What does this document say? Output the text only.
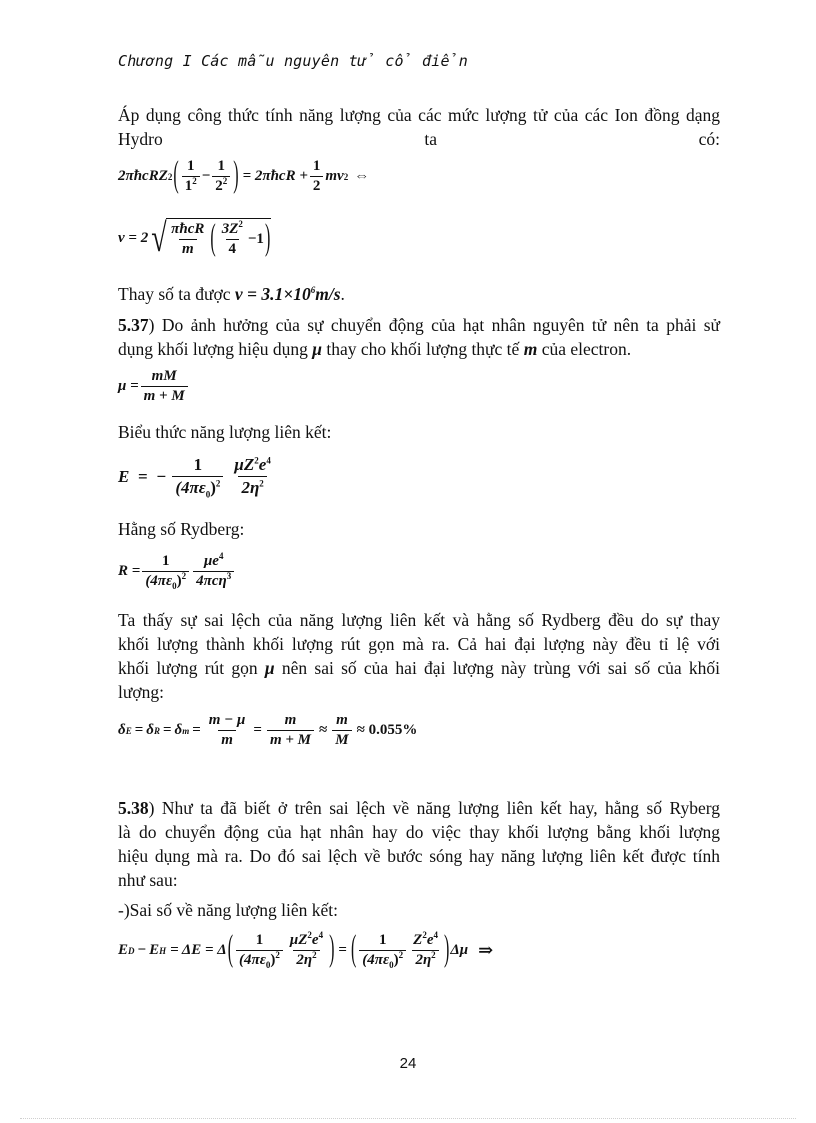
Chương I Các mẫu nguyên tử cổ điển
Áp dụng công thức tính năng lượng của các mức lượng tử của các Ion đồng dạng Hydro ta có:
2πħcRZ 2 ( $\frac{1}{1^2} - \frac{1}{2^2}$ ) = 2πħcR + $\frac{1}{2}$ mv 2 ⇔
v = 2 √ $\frac{\text{πħcR}}{m}$ ( $\frac{3Z^2}{4} -1$ )
Thay số ta được $v = 3.1\times 10^6m/s$.
5.37) Do ảnh hưởng của sự chuyển động của hạt nhân nguyên tử nên ta phải sử
dụng khối lượng hiệu dụng μ thay cho khối lượng thực tế m của electron.
$\mu = \frac{mM}{m + M}$
Biểu thức năng lượng liên kết:
E  =  − $\frac{1}{(4\pi\varepsilon_0)^2} \frac{\mu Z^2e^4}{2\eta^2}$
Hằng số Rydberg:
$R = \frac{1}{(4\pi\varepsilon_0)^2} \frac{\mu e^4}{4\pi c\eta^3}$
Ta thấy sự sai lệch của năng lượng liên kết và hằng số Rydberg đều do sự thay
khối lượng thành khối lượng rút gọn mà ra. Cả hai đại lượng này đều tỉ lệ với
khối lượng rút gọn μ nên sai số của hai đại lượng này trùng với sai số của khối
lượng:
δ E = δ R = δ $m = \frac{m - \mu}{m} = \frac{m}{m + M} \approx \frac{m}{M} \approx 0.055\%$
5.38) Như ta đã biết ở trên sai lệch về năng lượng liên kết hay, hằng số Ryberg
là do chuyển động của hạt nhân hay do việc thay khối lượng bằng khối lượng
hiệu dụng mà ra. Do đó sai lệch về bước sóng hay năng lượng liên kết được tính
như sau:
-)Sai số về năng lượng liên kết:
E D − E H = ΔE = Δ ( $\frac{1}{(4\pi\varepsilon_0)^2} \frac{\mu Z^2e^4}{2\eta^2}$ ) = ( $\frac{1}{(4\pi\varepsilon_0)^2} \frac{Z^2e^4}{2\eta^2}$ ) Δμ ⇒
24
